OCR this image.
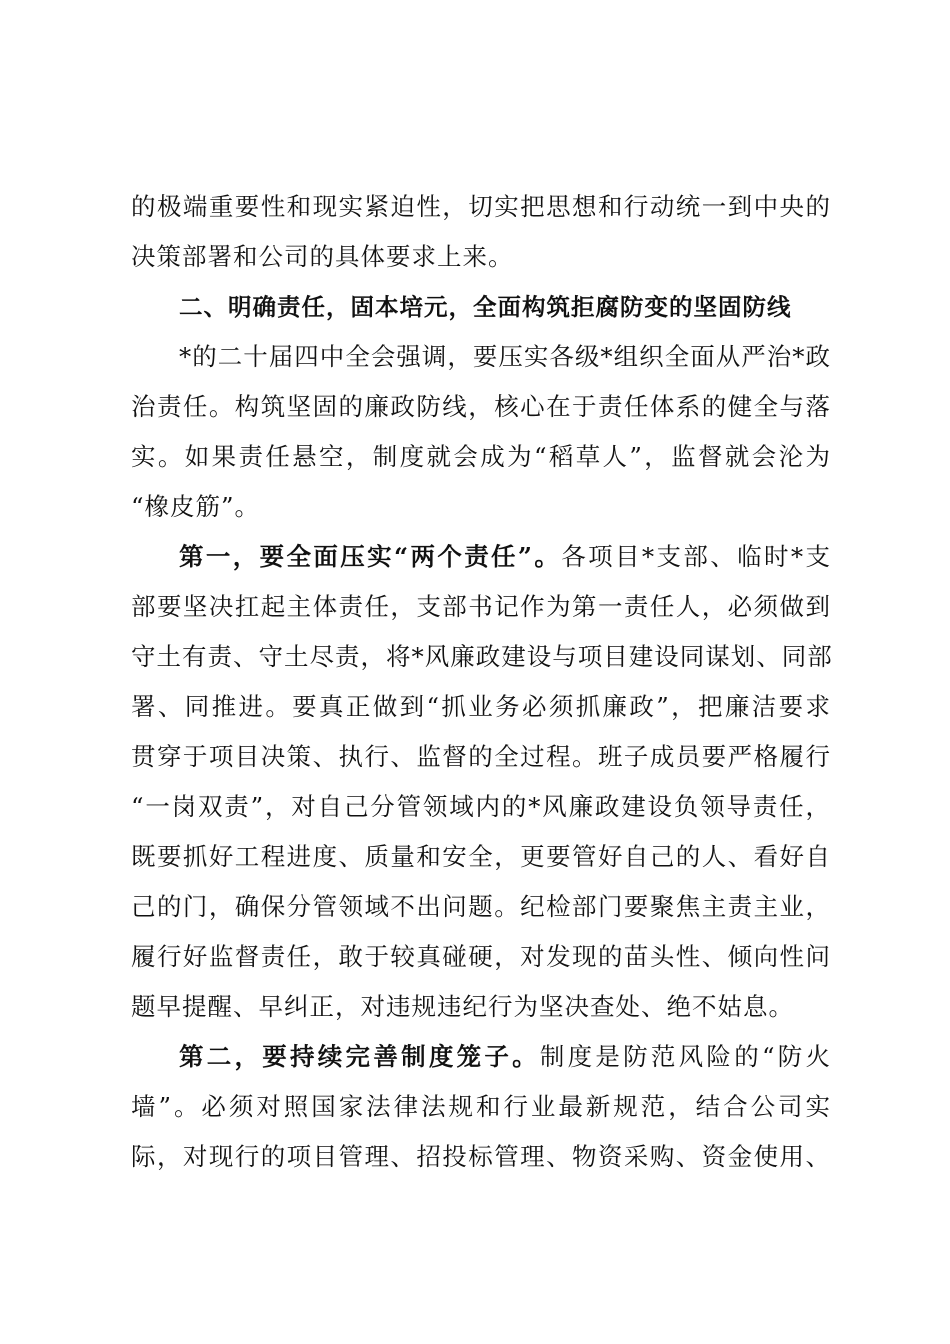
的极端重要性和现实紧迫性，切实把思想和行动统一到中央的
决策部署和公司的具体要求上来。
二、明确责任，固本培元，全面构筑拒腐防变的坚固防线
*的二十届四中全会强调，要压实各级*组织全面从严治*政
治责任。构筑坚固的廉政防线，核心在于责任体系的健全与落
实。如果责任悬空，制度就会成为“稻草人”，监督就会沦为
“橡皮筋”。
第一，要全面压实“两个责任”。各项目*支部、临时*支
部要坚决扛起主体责任，支部书记作为第一责任人，必须做到
守土有责、守土尽责，将*风廉政建设与项目建设同谋划、同部
署、同推进。要真正做到“抓业务必须抓廉政”，把廉洁要求
贯穿于项目决策、执行、监督的全过程。班子成员要严格履行
“一岗双责”，对自己分管领域内的*风廉政建设负领导责任，
既要抓好工程进度、质量和安全，更要管好自己的人、看好自
己的门，确保分管领域不出问题。纪检部门要聚焦主责主业，
履行好监督责任，敢于较真碰硬，对发现的苗头性、倾向性问
题早提醒、早纠正，对违规违纪行为坚决查处、绝不姑息。
第二，要持续完善制度笼子。制度是防范风险的“防火
墙”。必须对照国家法律法规和行业最新规范，结合公司实
际，对现行的项目管理、招投标管理、物资采购、资金使用、
